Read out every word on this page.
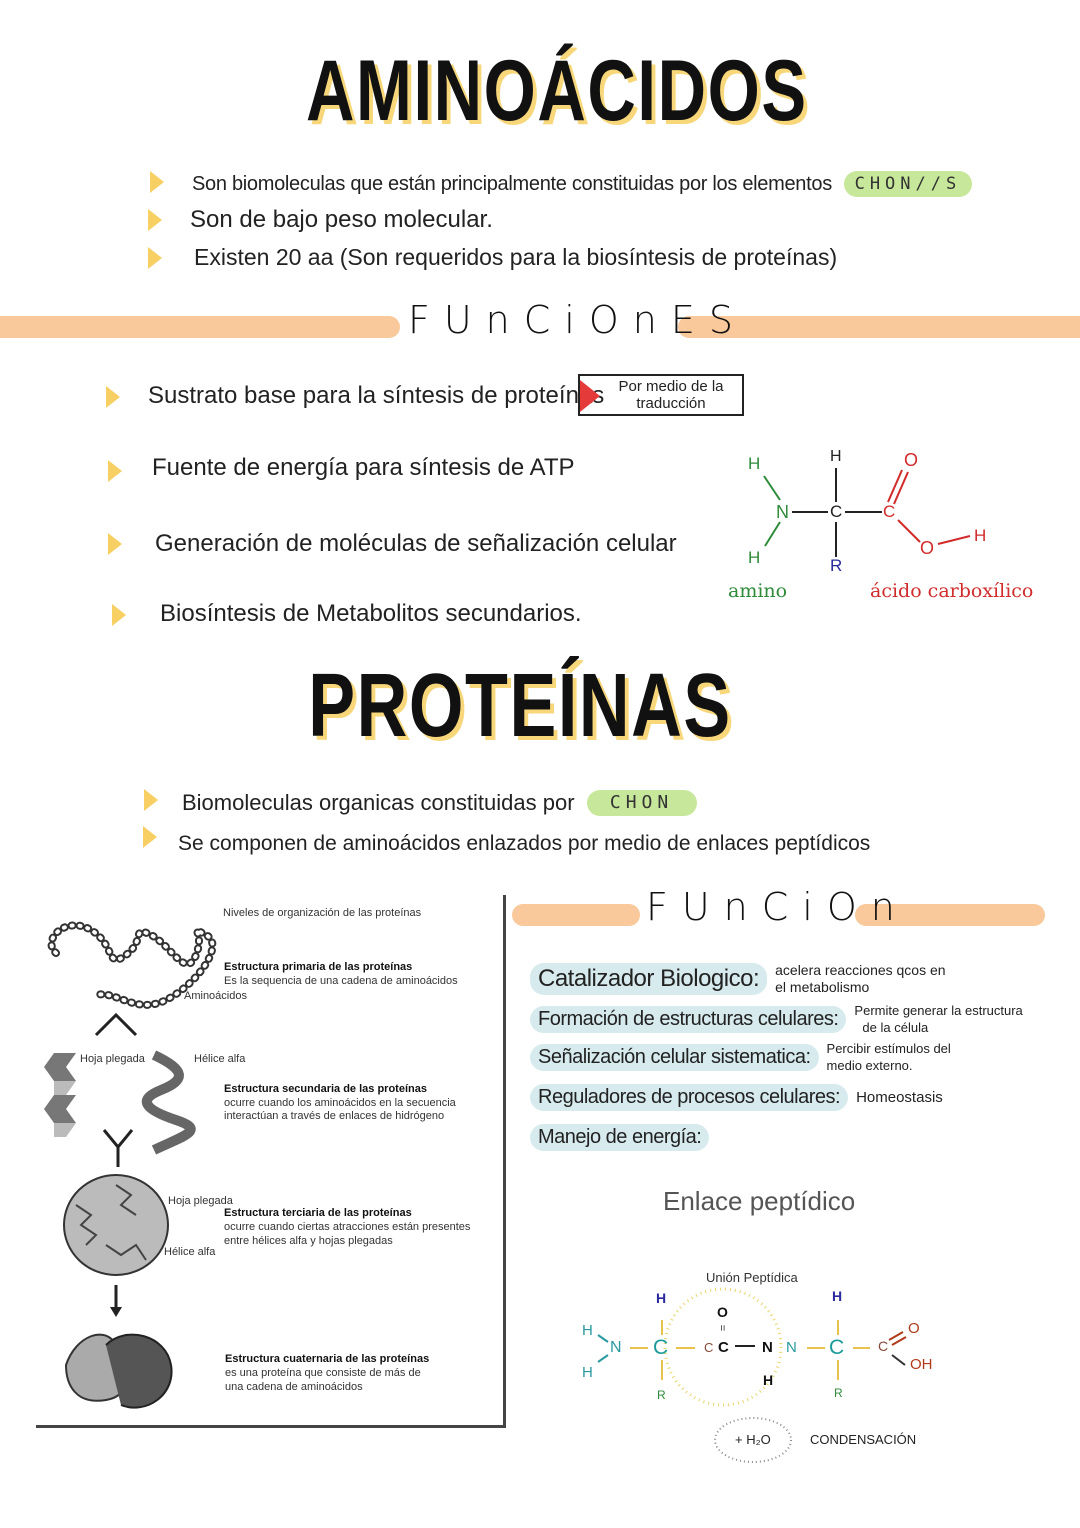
AMINOÁCIDOS
Son biomoleculas que están principalmente constituidas por los elementos	CHON//S
Son de bajo peso molecular.
Existen 20 aa (Son requeridos para la biosíntesis de proteínas)
FUnCiOnES
Sustrato base para la síntesis de proteínas Por medio de la traducción
Fuente de energía para síntesis de ATP
Generación de moléculas de señalización celular
Biosíntesis de Metabolitos secundarios.
H
H
N
H
C
R
C
O
O
H
amino	ácido carboxílico
PROTEÍNAS
Biomoleculas organicas constituidas por	CHON
Se componen de aminoácidos enlazados por medio de enlaces peptídicos
Niveles de organización de las proteínas
Aminoácidos
Estructura primaria de las proteínas
Es la sequencia de una cadena de aminoácidos
Hoja plegada	Hélice alfa
Estructura secundaria de las proteínas
ocurre cuando los aminoácidos en la secuencia
interactúan a través de enlaces de hidrógeno
Hoja plegada
Hélice alfa
Estructura terciaria de las proteínas
ocurre cuando ciertas atracciones están presentes
entre hélices alfa y hojas plegadas
Estructura cuaternaria de las proteínas
es una proteína que consiste de más de
una cadena de aminoácidos
FUnCiOn
Catalizador Biologico:	acelera reacciones qcos en
el metabolismo
Formación de estructuras celulares:	Permite generar la estructura
de la célula
Señalización celular sistematica:	Percibir estímulos del
medio externo.
Reguladores de procesos celulares:	Homeostasis
Manejo de energía:
Enlace peptídico
Unión Peptídica
H
H
N C
H
R
C
O
=
C N
H
N C
H
R
C
O
OH
+ H₂O	CONDENSACIÓN
